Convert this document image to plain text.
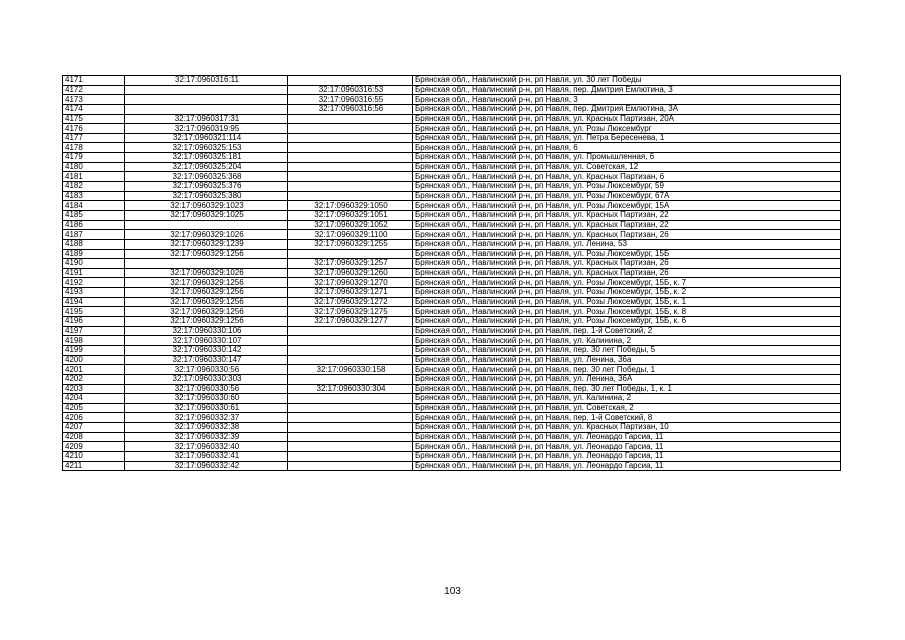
4171	32:17:0960316:11		Брянская обл., Навлинский р-н, рп Навля, ул. 30 лет Победы
4172		32:17:0960316:53	Брянская обл., Навлинский р-н, рп Навля, пер. Дмитрия Емлютина, 3
4173		32:17:0960316:55	Брянская обл., Навлинский р-н, рп Навля, 3
4174		32:17:0960316:56	Брянская обл., Навлинский р-н, рп Навля, пер. Дмитрия Емлютина, 3А
4175	32:17:0960317:31		Брянская обл., Навлинский р-н, рп Навля, ул. Красных Партизан, 20А
4176	32:17:0960319:95		Брянская обл., Навлинский р-н, рп Навля, ул. Розы Люксембург
4177	32:17:0960321:114		Брянская обл., Навлинский р-н, рп Навля, ул. Петра Бересенева, 1
4178	32:17:0960325:153		Брянская обл., Навлинский р-н, рп Навля, 6
4179	32:17:0960325:181		Брянская обл., Навлинский р-н, рп Навля, ул. Промышленная, 6
4180	32:17:0960325:204		Брянская обл., Навлинский р-н, рп Навля, ул. Советская, 12
4181	32:17:0960325:368		Брянская обл., Навлинский р-н, рп Навля, ул. Красных Партизан, 6
4182	32:17:0960325:376		Брянская обл., Навлинский р-н, рп Навля, ул. Розы Люксембург, 59
4183	32:17:0960325:380		Брянская обл., Навлинский р-н, рп Навля, ул. Розы Люксембург, 67А
4184	32:17:0960329:1023	32:17:0960329:1050	Брянская обл., Навлинский р-н, рп Навля, ул. Розы Люксембург, 15А
4185	32:17:0960329:1025	32:17:0960329:1051	Брянская обл., Навлинский р-н, рп Навля, ул. Красных Партизан, 22
4186		32:17:0960329:1052	Брянская обл., Навлинский р-н, рп Навля, ул. Красных Партизан, 22
4187	32:17:0960329:1026	32:17:0960329:1100	Брянская обл., Навлинский р-н, рп Навля, ул. Красных Партизан, 26
4188	32:17:0960329:1239	32:17:0960329:1255	Брянская обл., Навлинский р-н, рп Навля, ул. Ленина, 53
4189	32:17:0960329:1256		Брянская обл., Навлинский р-н, рп Навля, ул. Розы Люксембург, 15Б
4190		32:17:0960329:1257	Брянская обл., Навлинский р-н, рп Навля, ул. Красных Партизан, 26
4191	32:17:0960329:1026	32:17:0960329:1260	Брянская обл., Навлинский р-н, рп Навля, ул. Красных Партизан, 26
4192	32:17:0960329:1256	32:17:0960329:1270	Брянская обл., Навлинский р-н, рп Навля, ул. Розы Люксембург, 15Б, к. 7
4193	32:17:0960329:1256	32:17:0960329:1271	Брянская обл., Навлинский р-н, рп Навля, ул. Розы Люксембург, 15Б, к. 2
4194	32:17:0960329:1256	32:17:0960329:1272	Брянская обл., Навлинский р-н, рп Навля, ул. Розы Люксембург, 15Б, к. 1
4195	32:17:0960329:1256	32:17:0960329:1275	Брянская обл., Навлинский р-н, рп Навля, ул. Розы Люксембург, 15Б, к. 8
4196	32:17:0960329:1256	32:17:0960329:1277	Брянская обл., Навлинский р-н, рп Навля, ул. Розы Люксембург, 15Б, к. 6
4197	32:17:0960330:106		Брянская обл., Навлинский р-н, рп Навля, пер. 1-й Советский, 2
4198	32:17:0960330:107		Брянская обл., Навлинский р-н, рп Навля, ул. Калинина, 2
4199	32:17:0960330:142		Брянская обл., Навлинский р-н, рп Навля, пер. 30 лет Победы, 5
4200	32:17:0960330:147		Брянская обл., Навлинский р-н, рп Навля, ул. Ленина, 36а
4201	32:17:0960330:56	32:17:0960330:158	Брянская обл., Навлинский р-н, рп Навля, пер. 30 лет Победы, 1
4202	32:17:0960330:303		Брянская обл., Навлинский р-н, рп Навля, ул. Ленина, 36А
4203	32:17:0960330:56	32:17:0960330:304	Брянская обл., Навлинский р-н, рп Навля, пер. 30 лет Победы, 1, к. 1
4204	32:17:0960330:60		Брянская обл., Навлинский р-н, рп Навля, ул. Калинина, 2
4205	32:17:0960330:61		Брянская обл., Навлинский р-н, рп Навля, ул. Советская, 2
4206	32:17:0960332:37		Брянская обл., Навлинский р-н, рп Навля, пер. 1-й Советский, 8
4207	32:17:0960332:38		Брянская обл., Навлинский р-н, рп Навля, ул. Красных Партизан, 10
4208	32:17:0960332:39		Брянская обл., Навлинский р-н, рп Навля, ул. Леонардо Гарсиа, 11
4209	32:17:0960332:40		Брянская обл., Навлинский р-н, рп Навля, ул. Леонардо Гарсиа, 11
4210	32:17:0960332:41		Брянская обл., Навлинский р-н, рп Навля, ул. Леонардо Гарсиа, 11
4211	32:17:0960332:42		Брянская обл., Навлинский р-н, рп Навля, ул. Леонардо Гарсиа, 11
103
